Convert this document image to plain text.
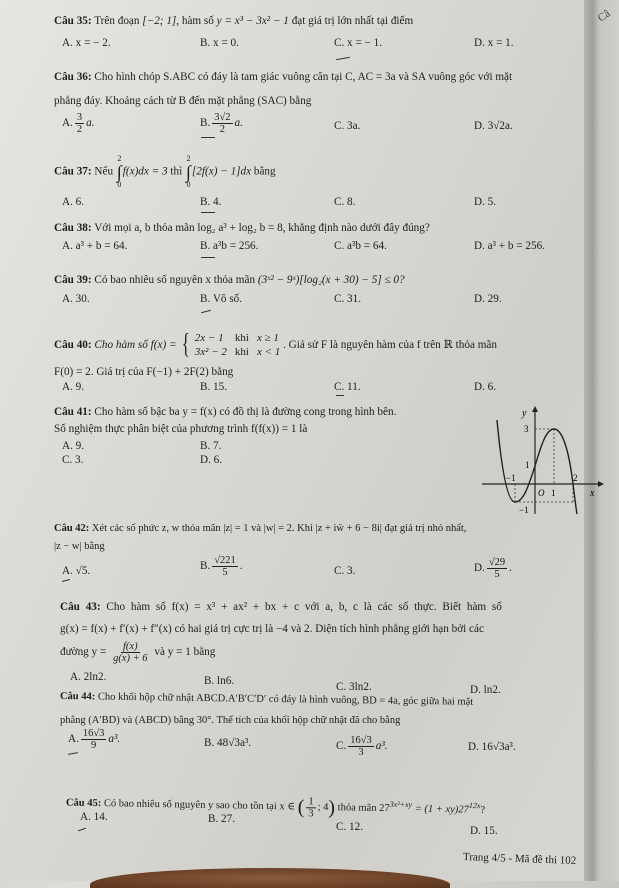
Câ
Câu 35: Trên đoạn [−2; 1], hàm số y = x³ − 3x² − 1 đạt giá trị lớn nhất tại điểm
A. x = − 2.	B. x = 0.	C. x = − 1.	D. x = 1.
Câu 36: Cho hình chóp S.ABC có đáy là tam giác vuông cân tại C, AC = 3a và SA vuông góc với mặt
phẳng đáy. Khoảng cách từ B đến mặt phẳng (SAC) bằng
A. $\frac{3}{2} a$.	B. $\frac{3√2}{2} a$.	C. 3a.	D. 3√2a.
Câu 37: Nếu
2
∫
0
f(x)dx = 3 thì
2
∫
0
[2f(x) − 1]dx bằng
A. 6.	B. 4.	C. 8.	D. 5.
Câu 38: Với mọi a, b thỏa mãn log₂ a³ + log₂ b = 8, khẳng định nào dưới đây đúng?
A. a³ + b = 64.	B. a³b = 256.	C. a³b = 64.	D. a³ + b = 256.
Câu 39: Có bao nhiêu số nguyên x thỏa mãn (3ˣ² − 9ˣ)[log₂(x + 30) − 5] ≤ 0?
A. 30.	B. Vô số.	C. 31.	D. 29.
Câu 40: Cho hàm số f(x) = { 2x − 1 khi x ≥ 1
3x² − 2 khi x < 1
. Giả sử F là nguyên hàm của f trên ℝ thỏa mãn
F(0) = 2. Giá trị của F(−1) + 2F(2) bằng
A. 9.	B. 15.	C. 11.	D. 6.
Câu 41: Cho hàm số bậc ba y = f(x) có đồ thị là đường cong trong hình bên.
Số nghiệm thực phân biệt của phương trình f(f(x)) = 1 là
A. 9.	B. 7.
C. 3.	D. 6.
y
3
1
−1
−1
O 1
2
x
Câu 42: Xét các số phức z, w thỏa mãn |z| = 1 và |w| = 2. Khi |z + iw̄ + 6 − 8i| đạt giá trị nhỏ nhất,
|z − w| bằng
A. √5.	B. $\frac{√221}{5}$ .	C. 3.	D. $\frac{√29}{5}$ .
Câu 43: Cho hàm số f(x) = x³ + ax² + bx + c với a, b, c là các số thực. Biết hàm số
g(x) = f(x) + f′(x) + f″(x) có hai giá trị cực trị là −4 và 2. Diện tích hình phẳng giới hạn bởi các
đường $y = \frac{f(x)}{g(x) + 6}$ và y = 1 bằng
A. 2ln2.	B. ln6.	C. 3ln2.	D. ln2.
Câu 44: Cho khối hộp chữ nhật ABCD.A′B′C′D′ có đáy là hình vuông, BD = 4a, góc giữa hai mặt
phẳng (A′BD) và (ABCD) bằng 30°. Thể tích của khối hộp chữ nhật đã cho bằng
A. $\frac{16√3}{9} a^3$.	B. 48√3a³.	C. $\frac{16√3}{3} a^3$.	D. 16√3a³.
Câu 45: Có bao nhiêu số nguyên y sao cho tồn tại x ∈ ( $\frac{1}{3}$ ; 4) thỏa mãn $27^{3x^2+xy} = (1 + xy)27^{12x}$?
A. 14.	B. 27.
C. 12.	D. 15.
Trang 4/5 - Mã đề thi 102
